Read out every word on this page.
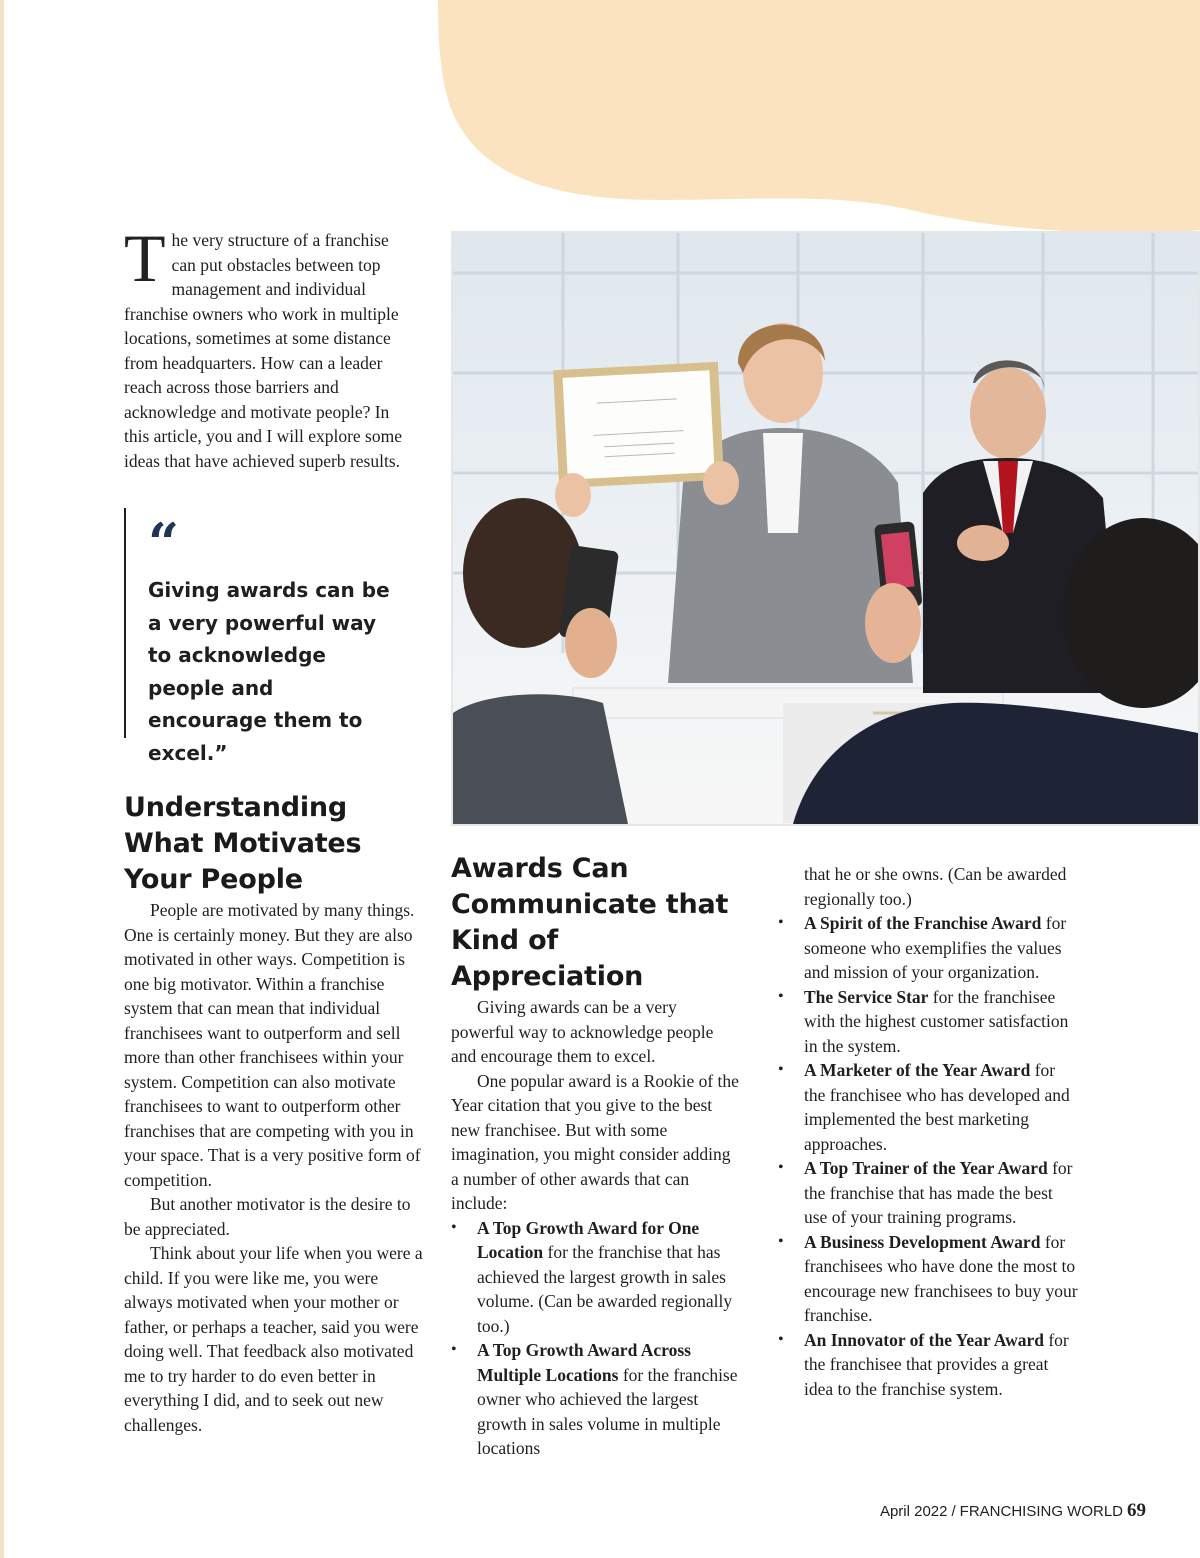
The very structure of a franchise can put obstacles between top management and individual franchise owners who work in multiple locations, sometimes at some distance from headquarters. How can a leader reach across those barriers and acknowledge and motivate people? In this article, you and I will explore some ideas that have achieved superb results.
“
Giving awards can be a very powerful way to acknowledge people and encourage them to excel.”
Understanding What Motivates Your People

People are motivated by many things. One is certainly money. But they are also motivated in other ways. Competition is one big motivator. Within a franchise system that can mean that individual franchisees want to outperform and sell more than other franchisees within your system. Competition can also motivate franchisees to want to outperform other franchises that are competing with you in your space. That is a very positive form of competition.

But another motivator is the desire to be appreciated.

Think about your life when you were a child. If you were like me, you were always motivated when your mother or father, or perhaps a teacher, said you were doing well. That feedback also motivated me to try harder to do even better in everything I did, and to seek out new challenges.

Awards Can Communicate that Kind of Appreciation

Giving awards can be a very powerful way to acknowledge people and encourage them to excel.

One popular award is a Rookie of the Year citation that you give to the best new franchisee. But with some imagination, you might consider adding a number of other awards that can include:

• A Top Growth Award for One Location for the franchise that has achieved the largest growth in sales volume. (Can be awarded regionally too.)
• A Top Growth Award Across Multiple Locations for the franchise owner who achieved the largest growth in sales volume in multiple locations

that he or she owns. (Can be awarded regionally too.)

• A Spirit of the Franchise Award for someone who exemplifies the values and mission of your organization.
• The Service Star for the franchisee with the highest customer satisfaction in the system.
• A Marketer of the Year Award for the franchisee who has developed and implemented the best marketing approaches.
• A Top Trainer of the Year Award for the franchise that has made the best use of your training programs.
• A Business Development Award for franchisees who have done the most to encourage new franchisees to buy your franchise.
• An Innovator of the Year Award for the franchisee that provides a great idea to the franchise system.
April 2022 / FRANCHISING WORLD 69
